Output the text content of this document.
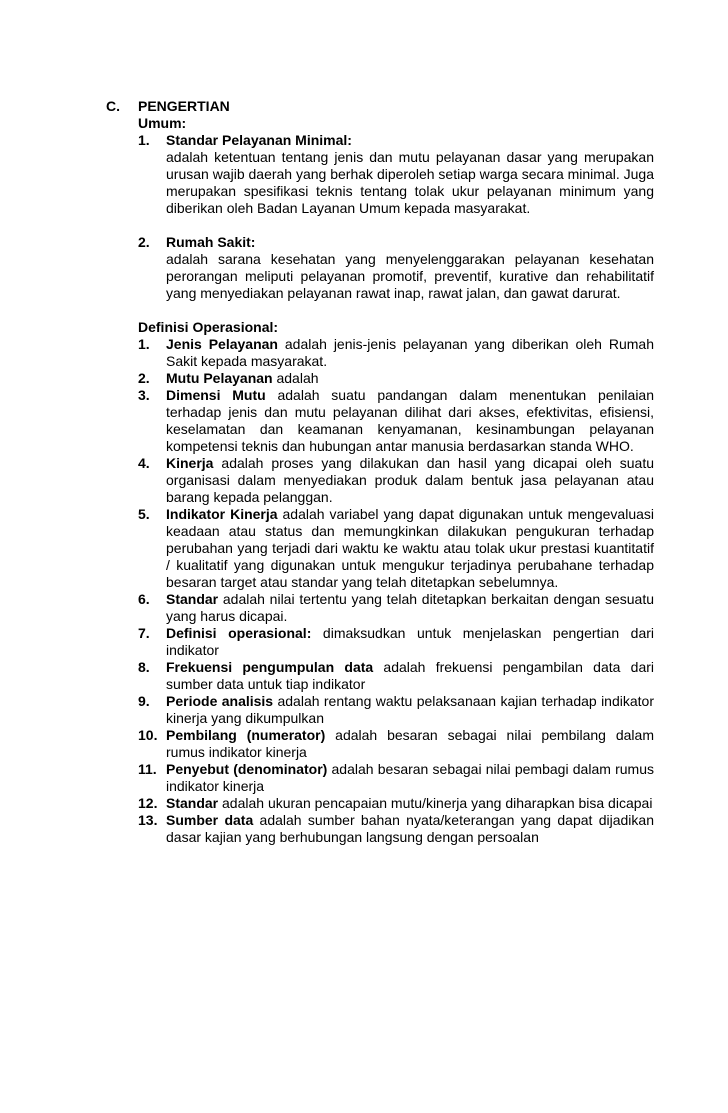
C. PENGERTIAN
Umum:
1.	Standar Pelayanan Minimal:
adalah ketentuan tentang jenis dan mutu pelayanan dasar yang merupakan urusan wajib daerah yang berhak diperoleh setiap warga secara minimal. Juga merupakan spesifikasi teknis tentang tolak ukur pelayanan minimum yang diberikan oleh Badan Layanan Umum kepada masyarakat.
2.	Rumah Sakit:
adalah sarana kesehatan yang menyelenggarakan pelayanan kesehatan perorangan meliputi pelayanan promotif, preventif, kurative dan rehabilitatif yang menyediakan pelayanan rawat inap, rawat jalan, dan gawat darurat.
Definisi Operasional:
1.	Jenis Pelayanan adalah jenis-jenis pelayanan yang diberikan oleh Rumah Sakit kepada masyarakat.
2.	Mutu Pelayanan adalah
3.	Dimensi Mutu adalah suatu pandangan dalam menentukan penilaian terhadap jenis dan mutu pelayanan dilihat dari akses, efektivitas, efisiensi, keselamatan dan keamanan kenyamanan, kesinambungan pelayanan kompetensi teknis dan hubungan antar manusia berdasarkan standa WHO.
4.	Kinerja adalah proses yang dilakukan dan hasil yang dicapai oleh suatu organisasi dalam menyediakan produk dalam bentuk jasa pelayanan atau barang kepada pelanggan.
5.	Indikator Kinerja adalah variabel yang dapat digunakan untuk mengevaluasi keadaan atau status dan memungkinkan dilakukan pengukuran terhadap perubahan yang terjadi dari waktu ke waktu atau tolak ukur prestasi kuantitatif / kualitatif yang digunakan untuk mengukur terjadinya perubahane terhadap besaran target atau standar yang telah ditetapkan sebelumnya.
6.	Standar adalah nilai tertentu yang telah ditetapkan berkaitan dengan sesuatu yang harus dicapai.
7.	Definisi operasional: dimaksudkan untuk menjelaskan pengertian dari indikator
8.	Frekuensi pengumpulan data adalah frekuensi pengambilan data dari sumber data untuk tiap indikator
9.	Periode analisis adalah rentang waktu pelaksanaan kajian terhadap indikator kinerja yang dikumpulkan
10. Pembilang (numerator) adalah besaran sebagai nilai pembilang dalam rumus indikator kinerja
11. Penyebut (denominator) adalah besaran sebagai nilai pembagi dalam rumus indikator kinerja
12. Standar adalah ukuran pencapaian mutu/kinerja yang diharapkan bisa dicapai
13. Sumber data adalah sumber bahan nyata/keterangan yang dapat dijadikan dasar kajian yang berhubungan langsung dengan persoalan
